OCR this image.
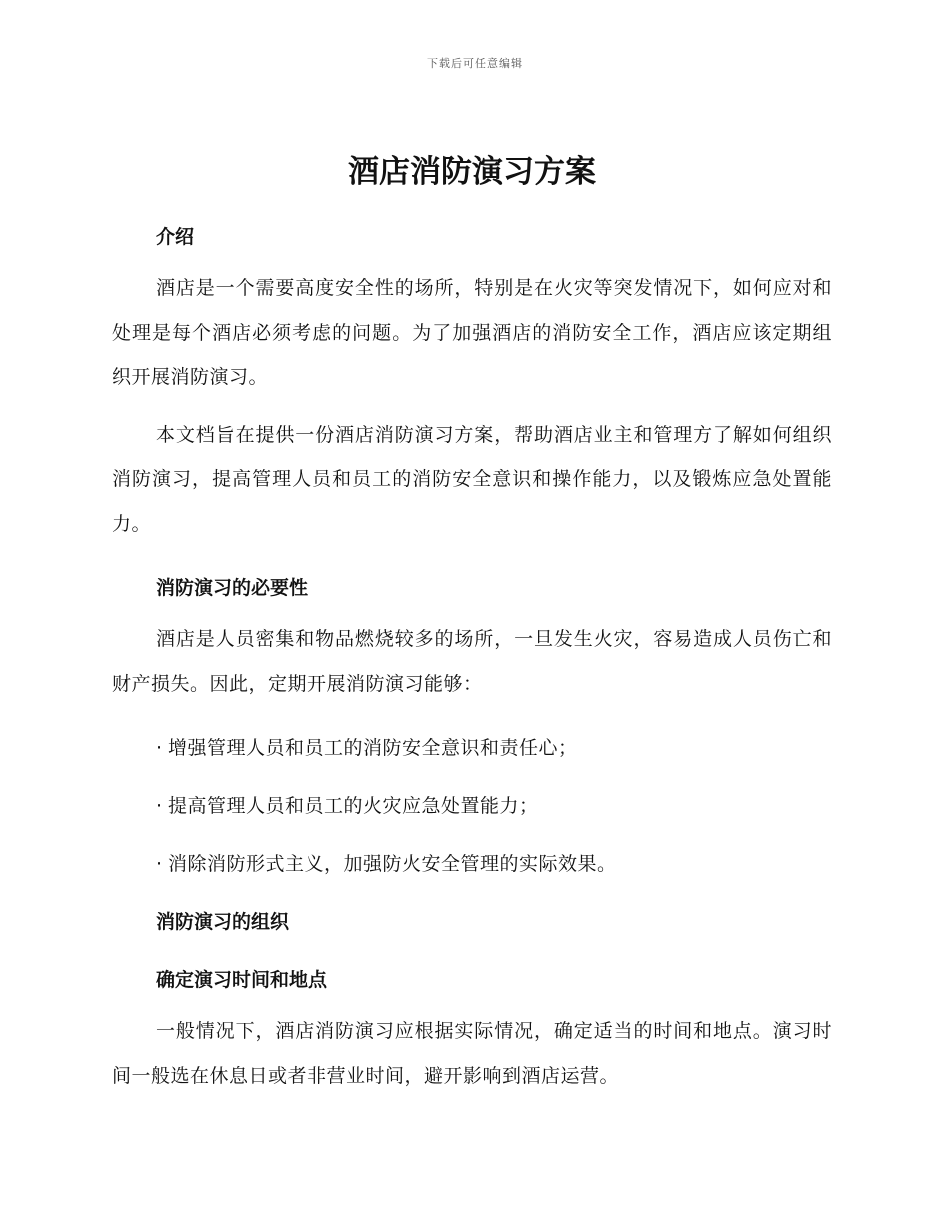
下载后可任意编辑
酒店消防演习方案
介绍

酒店是一个需要高度安全性的场所，特别是在火灾等突发情况下，如何应对和处理是每个酒店必须考虑的问题。为了加强酒店的消防安全工作，酒店应该定期组织开展消防演习。

本文档旨在提供一份酒店消防演习方案，帮助酒店业主和管理方了解如何组织消防演习，提高管理人员和员工的消防安全意识和操作能力，以及锻炼应急处置能力。

消防演习的必要性

酒店是人员密集和物品燃烧较多的场所，一旦发生火灾，容易造成人员伤亡和财产损失。因此，定期开展消防演习能够：

· 增强管理人员和员工的消防安全意识和责任心；

· 提高管理人员和员工的火灾应急处置能力；

· 消除消防形式主义，加强防火安全管理的实际效果。

消防演习的组织
确定演习时间和地点

一般情况下，酒店消防演习应根据实际情况，确定适当的时间和地点。演习时间一般选在休息日或者非营业时间，避开影响到酒店运营。
